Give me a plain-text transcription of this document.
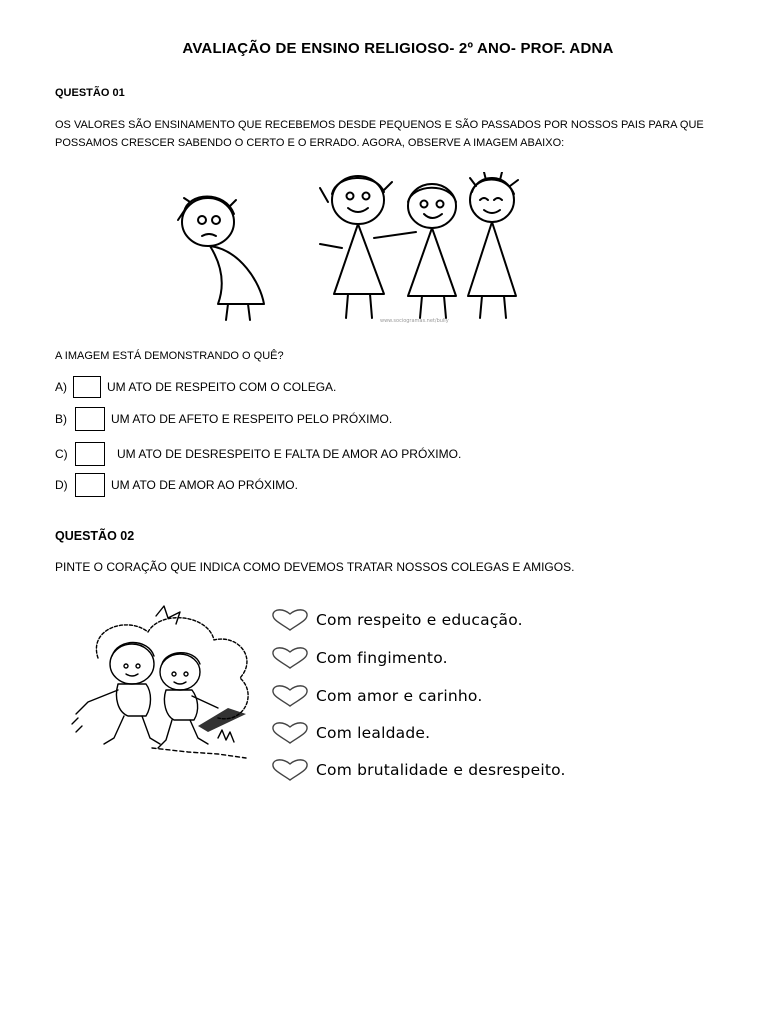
AVALIAÇÃO DE ENSINO RELIGIOSO- 2º ANO- PROF. ADNA
QUESTÃO 01
OS VALORES SÃO ENSINAMENTO QUE RECEBEMOS DESDE PEQUENOS E SÃO PASSADOS POR NOSSOS PAIS PARA QUE POSSAMOS CRESCER SABENDO O CERTO E O ERRADO. AGORA, OBSERVE A IMAGEM ABAIXO:
www.sociogramas.net/bully
A IMAGEM ESTÁ DEMONSTRANDO O QUÊ?
A)	UM ATO DE RESPEITO COM O COLEGA.
B)	UM ATO DE AFETO E RESPEITO PELO PRÓXIMO.
C)	UM ATO DE DESRESPEITO E FALTA DE AMOR AO PRÓXIMO.
D)	UM ATO DE AMOR AO PRÓXIMO.
QUESTÃO 02
PINTE O CORAÇÃO QUE INDICA COMO DEVEMOS TRATAR NOSSOS COLEGAS E AMIGOS.
Com respeito e educação.
Com fingimento.
Com amor e carinho.
Com lealdade.
Com brutalidade e desrespeito.
